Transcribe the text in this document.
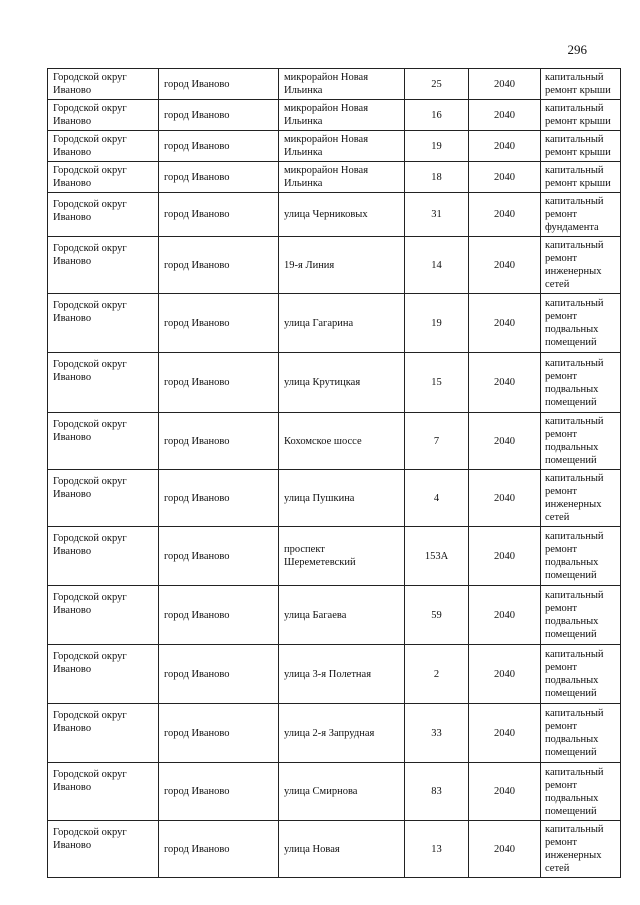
296
Городской округ Иваново	город Иваново	микрорайон Новая Ильинка	25	2040	капитальный ремонт крыши
Городской округ Иваново	город Иваново	микрорайон Новая Ильинка	16	2040	капитальный ремонт крыши
Городской округ Иваново	город Иваново	микрорайон Новая Ильинка	19	2040	капитальный ремонт крыши
Городской округ Иваново	город Иваново	микрорайон Новая Ильинка	18	2040	капитальный ремонт крыши
Городской округ Иваново	город Иваново	улица Черниковых	31	2040	капитальный ремонт фундамента
Городской округ Иваново	город Иваново	19-я Линия	14	2040	капитальный ремонт инженерных сетей
Городской округ Иваново	город Иваново	улица Гагарина	19	2040	капитальный ремонт подвальных помещений
Городской округ Иваново	город Иваново	улица Крутицкая	15	2040	капитальный ремонт подвальных помещений
Городской округ Иваново	город Иваново	Кохомское шоссе	7	2040	капитальный ремонт подвальных помещений
Городской округ Иваново	город Иваново	улица Пушкина	4	2040	капитальный ремонт инженерных сетей
Городской округ Иваново	город Иваново	проспект Шереметевский	153А	2040	капитальный ремонт подвальных помещений
Городской округ Иваново	город Иваново	улица Багаева	59	2040	капитальный ремонт подвальных помещений
Городской округ Иваново	город Иваново	улица 3-я Полетная	2	2040	капитальный ремонт подвальных помещений
Городской округ Иваново	город Иваново	улица 2-я Запрудная	33	2040	капитальный ремонт подвальных помещений
Городской округ Иваново	город Иваново	улица Смирнова	83	2040	капитальный ремонт подвальных помещений
Городской округ Иваново	город Иваново	улица Новая	13	2040	капитальный ремонт инженерных сетей
